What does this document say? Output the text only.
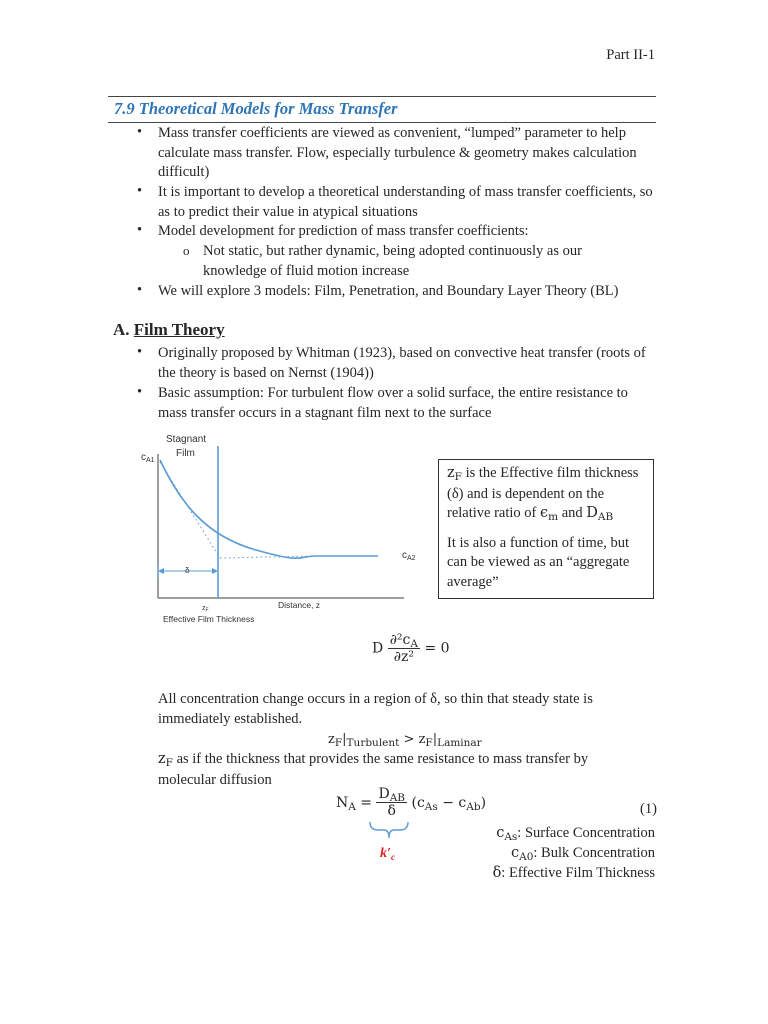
Part II-1
7.9 Theoretical Models for Mass Transfer
• Mass transfer coefficients are viewed as convenient, “lumped” parameter to help calculate mass transfer. Flow, especially turbulence & geometry makes calculation difficult)
• It is important to develop a theoretical understanding of mass transfer coefficients, so as to predict their value in atypical situations
• Model development for prediction of mass transfer coefficients:
o Not static, but rather dynamic, being adopted continuously as our knowledge of fluid motion increase
• We will explore 3 models: Film, Penetration, and Boundary Layer Theory (BL)
A. Film Theory
• Originally proposed by Whitman (1923), based on convective heat transfer (roots of the theory is based on Nernst (1904))
• Basic assumption: For turbulent flow over a solid surface, the entire resistance to mass transfer occurs in a stagnant film next to the surface
Stagnant
Film
$c_{A1}$
$c_{A2}$
δ
$z_F$
Distance, z
Effective Film Thickness

$z_F$ is the Effective film thickness (δ) and is dependent on the relative ratio of $\epsilon_m$ and $D_{AB}$

It is also a function of time, but can be viewed as an “aggregate average”

D $\frac{\partial^2c_A}{\text{∂z²}} = 0$
All concentration change occurs in a region of δ, so thin that steady state is immediately established.
$z_F|_{Turbulent} > z_F|_{Laminar}$
$z_F$ as if the thickness that provides the same resistance to mass transfer by molecular diffusion
$N_A = \frac{D_{AB}}{\delta} (c_{As} - c_{Ab})$	(1)
$k'_c$
$c_{As}$: Surface Concentration
$c_{A0}$: Bulk Concentration
δ: Effective Film Thickness
